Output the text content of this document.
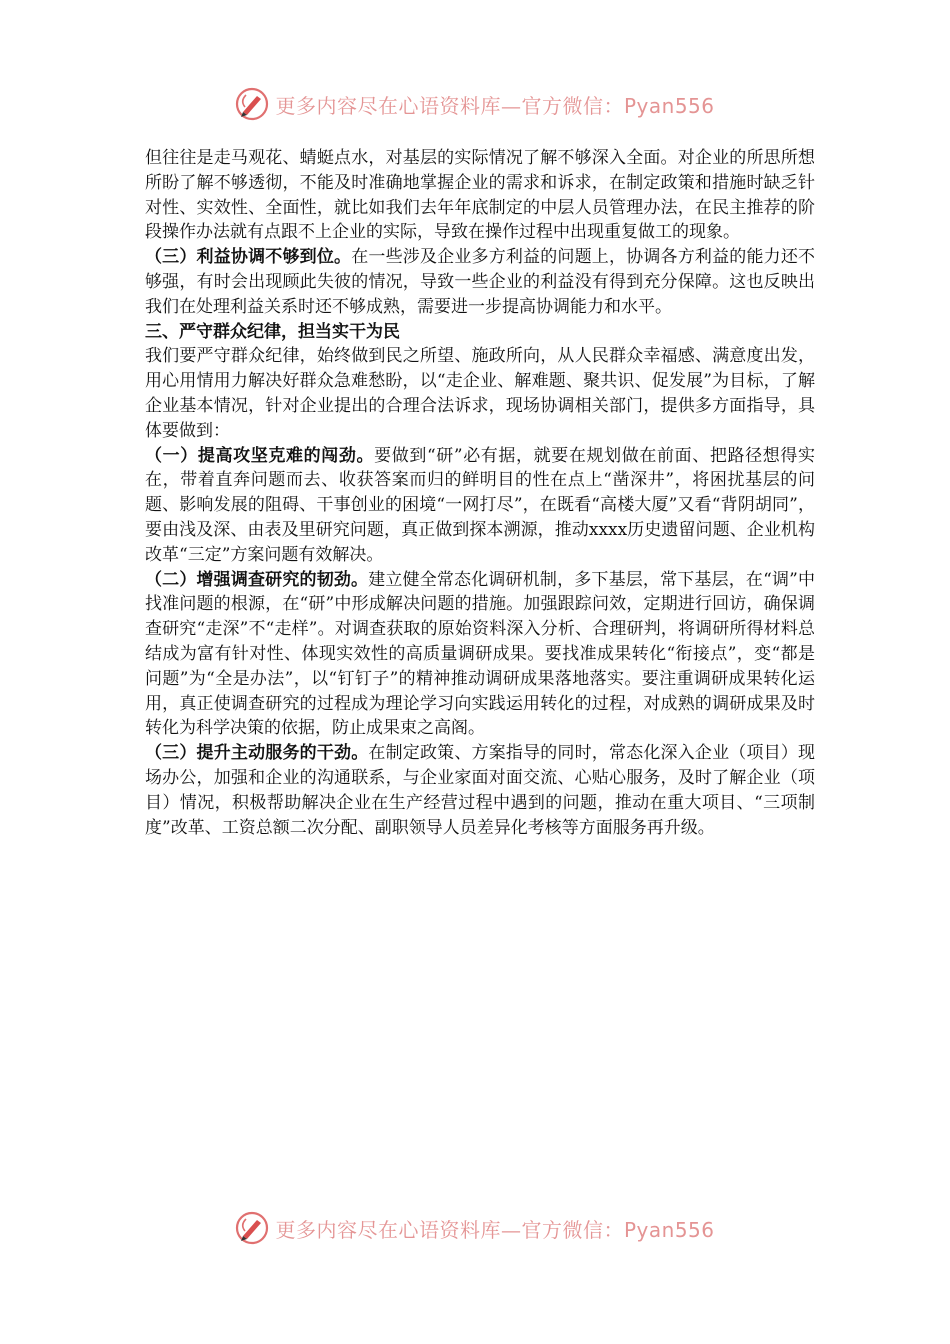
更多内容尽在心语资料库—官方微信：Pyan556

但往往是走马观花、蜻蜓点水，对基层的实际情况了解不够深入全面。对企业的所思所想所盼了解不够透彻，不能及时准确地掌握企业的需求和诉求，在制定政策和措施时缺乏针对性、实效性、全面性，就比如我们去年年底制定的中层人员管理办法，在民主推荐的阶段操作办法就有点跟不上企业的实际，导致在操作过程中出现重复做工的现象。

（三）利益协调不够到位。在一些涉及企业多方利益的问题上，协调各方利益的能力还不够强，有时会出现顾此失彼的情况，导致一些企业的利益没有得到充分保障。这也反映出我们在处理利益关系时还不够成熟，需要进一步提高协调能力和水平。

三、严守群众纪律，担当实干为民

我们要严守群众纪律，始终做到民之所望、施政所向，从人民群众幸福感、满意度出发，用心用情用力解决好群众急难愁盼，以“走企业、解难题、聚共识、促发展”为目标，了解企业基本情况，针对企业提出的合理合法诉求，现场协调相关部门，提供多方面指导，具体要做到：

（一）提高攻坚克难的闯劲。要做到“研”必有据，就要在规划做在前面、把路径想得实在，带着直奔问题而去、收获答案而归的鲜明目的性在点上“凿深井”，将困扰基层的问题、影响发展的阻碍、干事创业的困境“一网打尽”，在既看“高楼大厦”又看“背阴胡同”，要由浅及深、由表及里研究问题，真正做到探本溯源，推动xxxx历史遗留问题、企业机构改革“三定”方案问题有效解决。

（二）增强调查研究的韧劲。建立健全常态化调研机制，多下基层，常下基层，在“调”中找准问题的根源，在“研”中形成解决问题的措施。加强跟踪问效，定期进行回访，确保调查研究“走深”不“走样”。对调查获取的原始资料深入分析、合理研判，将调研所得材料总结成为富有针对性、体现实效性的高质量调研成果。要找准成果转化“衔接点”，变“都是问题”为“全是办法”，以“钉钉子”的精神推动调研成果落地落实。要注重调研成果转化运用，真正使调查研究的过程成为理论学习向实践运用转化的过程，对成熟的调研成果及时转化为科学决策的依据，防止成果束之高阁。

（三）提升主动服务的干劲。在制定政策、方案指导的同时，常态化深入企业（项目）现场办公，加强和企业的沟通联系，与企业家面对面交流、心贴心服务，及时了解企业（项目）情况，积极帮助解决企业在生产经营过程中遇到的问题，推动在重大项目、“三项制度”改革、工资总额二次分配、副职领导人员差异化考核等方面服务再升级。

更多内容尽在心语资料库—官方微信：Pyan556
